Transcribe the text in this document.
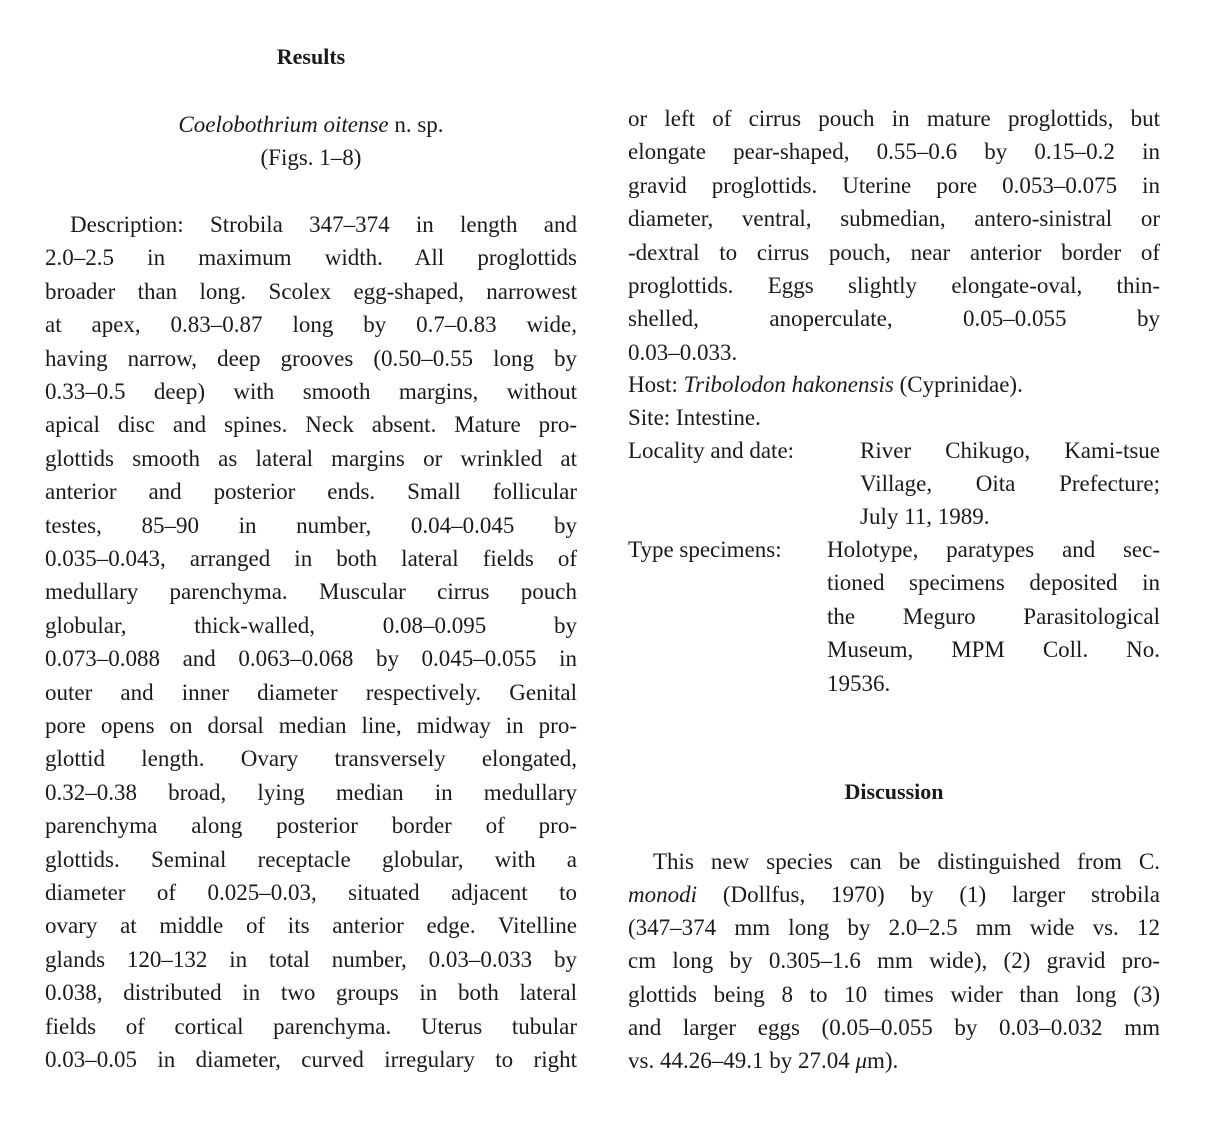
Results
Coelobothrium oitense n. sp.
(Figs. 1–8)
Description: Strobila 347–374 in length and
2.0–2.5 in maximum width. All proglottids
broader than long. Scolex egg-shaped, narrowest
at apex, 0.83–0.87 long by 0.7–0.83 wide,
having narrow, deep grooves (0.50–0.55 long by
0.33–0.5 deep) with smooth margins, without
apical disc and spines. Neck absent. Mature pro-
glottids smooth as lateral margins or wrinkled at
anterior and posterior ends. Small follicular
testes, 85–90 in number, 0.04–0.045 by
0.035–0.043, arranged in both lateral fields of
medullary parenchyma. Muscular cirrus pouch
globular, thick-walled, 0.08–0.095 by
0.073–0.088 and 0.063–0.068 by 0.045–0.055 in
outer and inner diameter respectively. Genital
pore opens on dorsal median line, midway in pro-
glottid length. Ovary transversely elongated,
0.32–0.38 broad, lying median in medullary
parenchyma along posterior border of pro-
glottids. Seminal receptacle globular, with a
diameter of 0.025–0.03, situated adjacent to
ovary at middle of its anterior edge. Vitelline
glands 120–132 in total number, 0.03–0.033 by
0.038, distributed in two groups in both lateral
fields of cortical parenchyma. Uterus tubular
0.03–0.05 in diameter, curved irregulary to right
or left of cirrus pouch in mature proglottids, but
elongate pear-shaped, 0.55–0.6 by 0.15–0.2 in
gravid proglottids. Uterine pore 0.053–0.075 in
diameter, ventral, submedian, antero-sinistral or
-dextral to cirrus pouch, near anterior border of
proglottids. Eggs slightly elongate-oval, thin-
shelled, anoperculate, 0.05–0.055 by
0.03–0.033.
Host: Tribolodon hakonensis (Cyprinidae).
Site: Intestine.
Locality and date:	River Chikugo, Kami-tsue
Village, Oita Prefecture;
July 11, 1989.
Type specimens:	Holotype, paratypes and sec-
tioned specimens deposited in
the Meguro Parasitological
Museum, MPM Coll. No.
19536.
Discussion
This new species can be distinguished from C.
monodi (Dollfus, 1970) by (1) larger strobila
(347–374 mm long by 2.0–2.5 mm wide vs. 12
cm long by 0.305–1.6 mm wide), (2) gravid pro-
glottids being 8 to 10 times wider than long (3)
and larger eggs (0.05–0.055 by 0.03–0.032 mm
vs. 44.26–49.1 by 27.04 μm).
